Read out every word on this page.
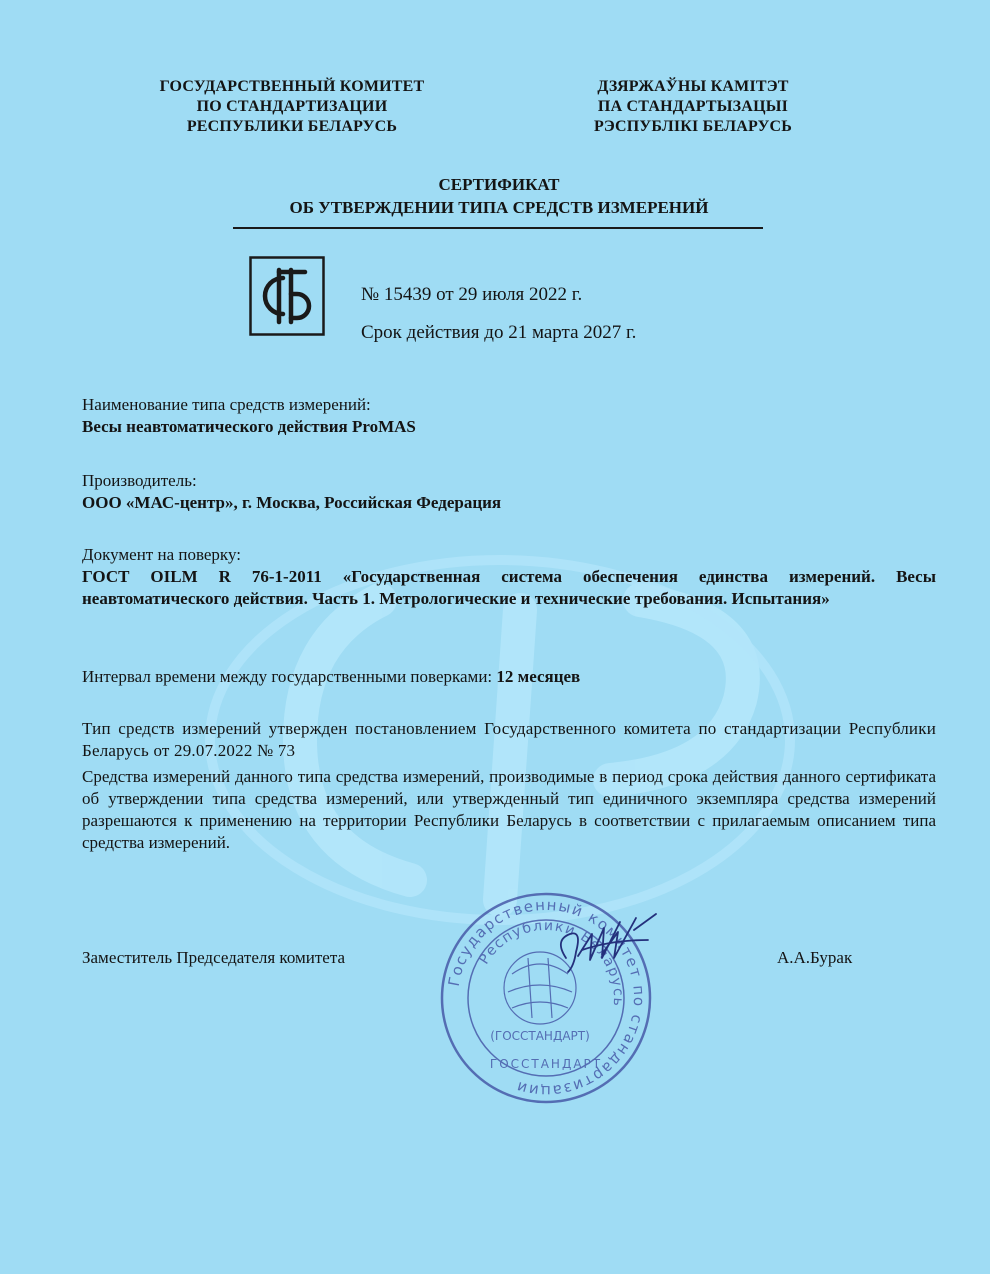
ГОСУДАРСТВЕННЫЙ КОМИТЕТ
ПО СТАНДАРТИЗАЦИИ
РЕСПУБЛИКИ БЕЛАРУСЬ
ДЗЯРЖАЎНЫ КАМІТЭТ
ПА СТАНДАРТЫЗАЦЫІ
РЭСПУБЛІКІ БЕЛАРУСЬ
СЕРТИФИКАТ
ОБ УТВЕРЖДЕНИИ ТИПА СРЕДСТВ ИЗМЕРЕНИЙ
№ 15439 от 29 июля 2022 г.
Срок действия до 21 марта 2027 г.
Наименование типа средств измерений:
Весы неавтоматического действия ProMAS
Производитель:
ООО «МАС-центр», г. Москва, Российская Федерация
Документ на поверку:
ГОСТ OILM R 76-1-2011 «Государственная система обеспечения единства измерений. Весы неавтоматического действия. Часть 1. Метрологические и технические требования. Испытания»
Интервал времени между государственными поверками: 12 месяцев
Тип средств измерений утвержден постановлением Государственного комитета по стандартизации Республики Беларусь от 29.07.2022 № 73
Средства измерений данного типа средства измерений, производимые в период срока действия данного сертификата об утверждении типа средства измерений, или утвержденный тип единичного экземпляра средства измерений разрешаются к применению на территории Республики Беларусь в соответствии с прилагаемым описанием типа средства измерений.
Заместитель Председателя комитета	А.А.Бурак
Государственный комитет по стандартизации
Республики Беларусь
(ГОССТАНДАРТ)
ГОССТАНДАРТ
